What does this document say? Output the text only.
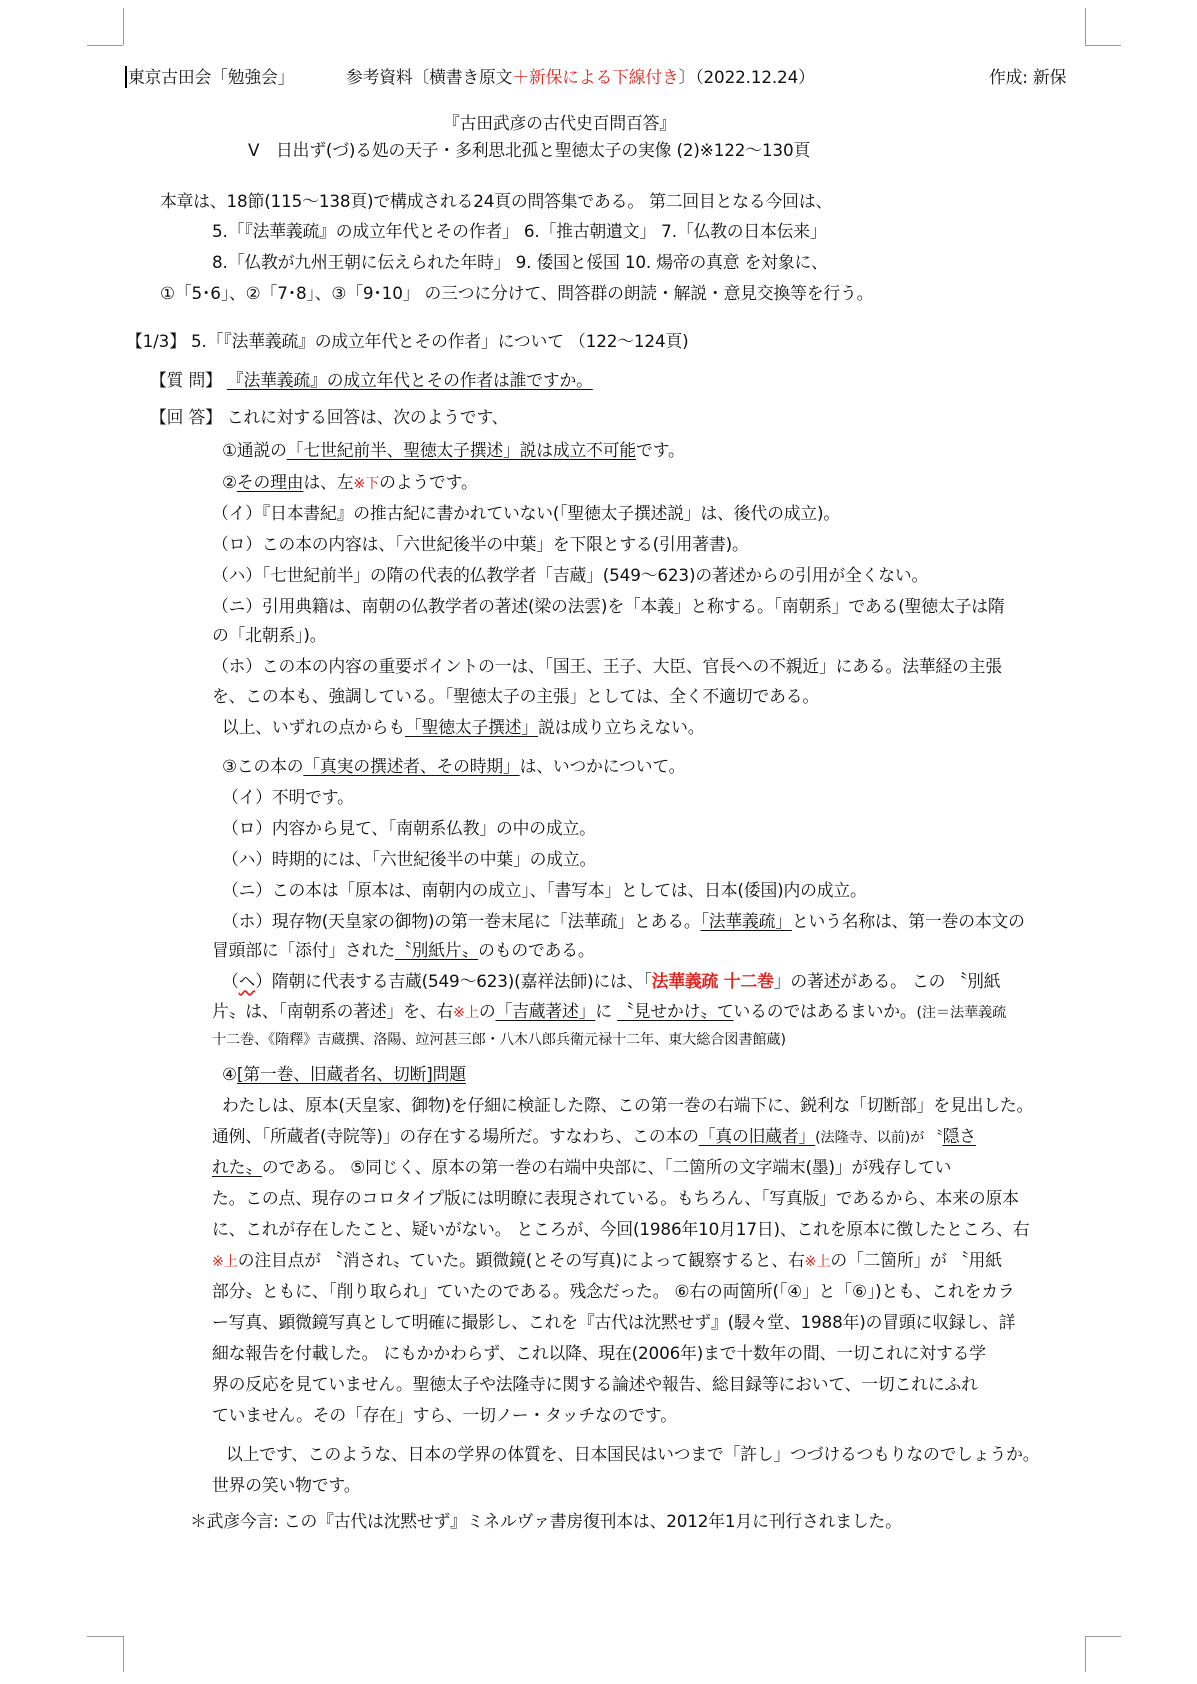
東京古田会「勉強会」	参考資料〔横書き原文＋新保による下線付き〕（2022.12.24）	作成: 新保
『古田武彦の古代史百問百答』
Ⅴ　日出ず(づ)る処の天子・多利思北孤と聖徳太子の実像 (2)※122～130頁
本章は、18節(115～138頁)で構成される24頁の問答集である。 第二回目となる今回は、
5.「『法華義疏』の成立年代とその作者」 6.「推古朝遺文」 7.「仏教の日本伝来」
8.「仏教が九州王朝に伝えられた年時」 9. 倭国と俀国 10. 煬帝の真意 を対象に、
①「5･6」、②「7･8」、③「9･10」 の三つに分けて、問答群の朗読・解説・意見交換等を行う。
【1/3】 5.「『法華義疏』の成立年代とその作者」について （122～124頁)
【質 問】 『法華義疏』の成立年代とその作者は誰ですか。
【回 答】 これに対する回答は、次のようです、
①通説の「七世紀前半、聖徳太子撰述」説は成立不可能です。
②その理由は、左※下のようです。
（イ）『日本書紀』の推古紀に書かれていない(「聖徳太子撰述説」は、後代の成立)。
（ロ）この本の内容は、「六世紀後半の中葉」を下限とする(引用著書)。
（ハ）「七世紀前半」の隋の代表的仏教学者「吉蔵」(549～623)の著述からの引用が全くない。
（ニ）引用典籍は、南朝の仏教学者の著述(梁の法雲)を「本義」と称する。「南朝系」である(聖徳太子は隋
の「北朝系」)。
（ホ）この本の内容の重要ポイントの一は、「国王、王子、大臣、官長への不親近」にある。法華経の主張
を、この本も、強調している。「聖徳太子の主張」としては、全く不適切である。
以上、いずれの点からも「聖徳太子撰述」説は成り立ちえない。
③この本の「真実の撰述者、その時期」は、いつかについて。
（イ）不明です。
（ロ）内容から見て、「南朝系仏教」の中の成立。
（ハ）時期的には、「六世紀後半の中葉」の成立。
（ニ）この本は「原本は、南朝内の成立」、「書写本」としては、日本(倭国)内の成立。
（ホ）現存物(天皇家の御物)の第一巻末尾に「法華疏」とある。「法華義疏」という名称は、第一巻の本文の
冒頭部に「添付」された〝別紙片〟のものである。
（ヘ）隋朝に代表する吉蔵(549～623)(嘉祥法師)には、「法華義疏 十二巻」の著述がある。 この 〝別紙
片〟は、「南朝系の著述」を、右※上の「吉蔵著述」に 〝見せかけ〟ているのではあるまいか。(注＝法華義疏
十二巻、《隋釋》吉蔵撰、洛陽、竝河甚三郎・八木八郎兵衛元禄十二年、東大総合図書館蔵)
④[第一巻、旧蔵者名、切断]問題
わたしは、原本(天皇家、御物)を仔細に検証した際、この第一巻の右端下に、鋭利な「切断部」を見出した。
通例、「所蔵者(寺院等)」の存在する場所だ。すなわち、この本の「真の旧蔵者」(法隆寺、以前)が 〝隠さ
れた〟のである。 ⑤同じく、原本の第一巻の右端中央部に、「二箇所の文字端末(墨)」が残存してい
た。この点、現存のコロタイプ版には明瞭に表現されている。もちろん、「写真版」であるから、本来の原本
に、これが存在したこと、疑いがない。 ところが、今回(1986年10月17日)、これを原本に徴したところ、右
※上の注目点が 〝消され〟ていた。顕微鏡(とその写真)によって観察すると、右※上の「二箇所」が 〝用紙
部分〟ともに、「削り取られ」ていたのである。残念だった。 ⑥右の両箇所(「④」と「⑥」)とも、これをカラ
ー写真、顕微鏡写真として明確に撮影し、これを『古代は沈黙せず』(駸々堂、1988年)の冒頭に収録し、詳
細な報告を付載した。 にもかかわらず、これ以降、現在(2006年)まで十数年の間、一切これに対する学
界の反応を見ていません。聖徳太子や法隆寺に関する論述や報告、総目録等において、一切これにふれ
ていません。その「存在」すら、一切ノー・タッチなのです。
以上です、このような、日本の学界の体質を、日本国民はいつまで「許し」つづけるつもりなのでしょうか。
世界の笑い物です。
＊武彦今言: この『古代は沈黙せず』ミネルヴァ書房復刊本は、2012年1月に刊行されました。
